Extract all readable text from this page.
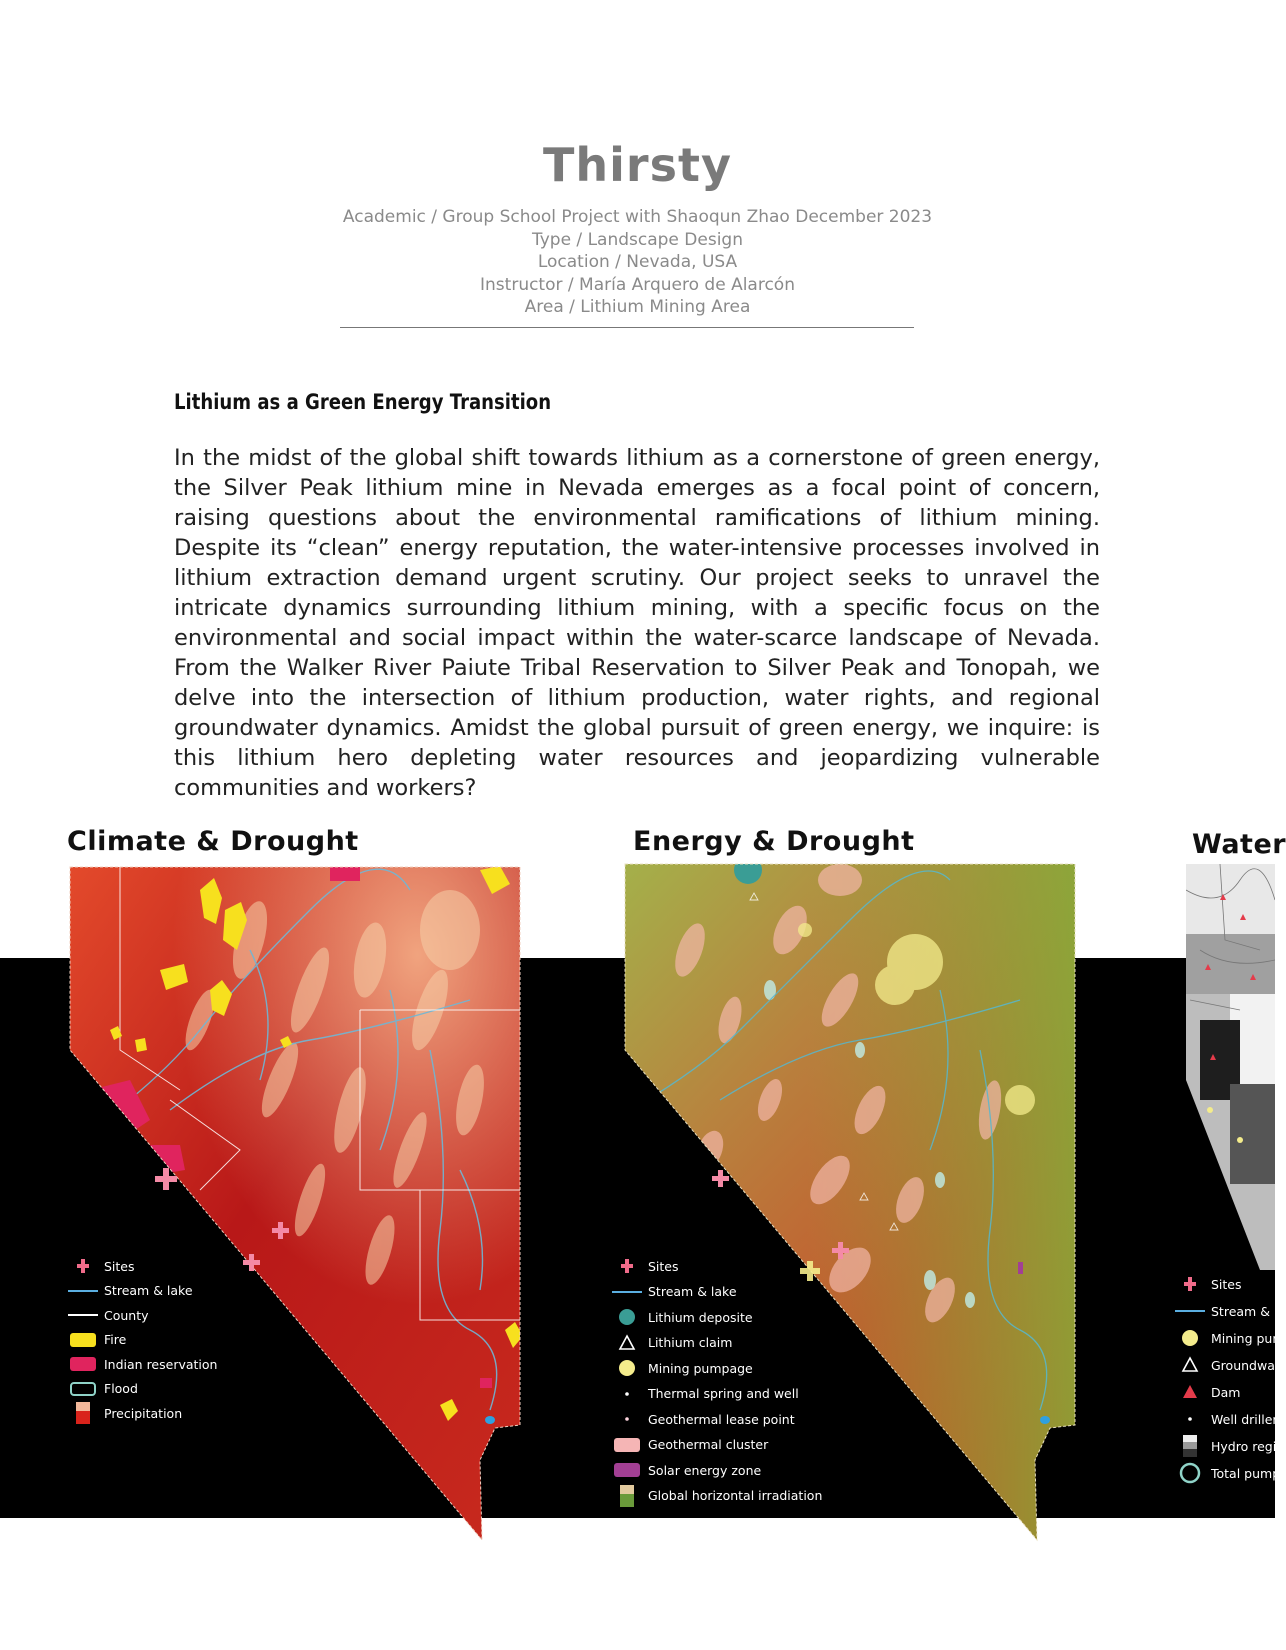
Thirsty
Academic / Group School Project with Shaoqun Zhao December 2023
Type / Landscape Design
Location / Nevada, USA
Instructor / María Arquero de Alarcón
Area / Lithium Mining Area
Lithium as a Green Energy Transition
In the midst of the global shift towards lithium as a cornerstone of green energy, the Silver Peak lithium mine in Nevada emerges as a focal point of concern, raising questions about the environmental ramifications of lithium mining. Despite its “clean” energy reputation, the water-intensive processes involved in lithium extraction demand urgent scrutiny. Our project seeks to unravel the intricate dynamics surrounding lithium mining, with a specific focus on the environmental and social impact within the water-scarce landscape of Nevada. From the Walker River Paiute Tribal Reservation to Silver Peak and Tonopah, we delve into the intersection of lithium production, water rights, and regional groundwater dynamics. Amidst the global pursuit of green energy, we inquire: is this lithium hero depleting water resources and jeopardizing vulnerable communities and workers?
Climate & Drought	Energy & Drought	Water
Sites
Stream & lake
County
Fire
Indian reservation
Flood
Precipitation
Sites
Stream & lake
Lithium deposite
Lithium claim
Mining pumpage
Thermal spring and well
Geothermal lease point
Geothermal cluster
Solar energy zone
Global horizontal irradiation
Sites
Stream & l
Mining pur
Groundwa
Dam
Well driller
Hydro regi
Total pump
